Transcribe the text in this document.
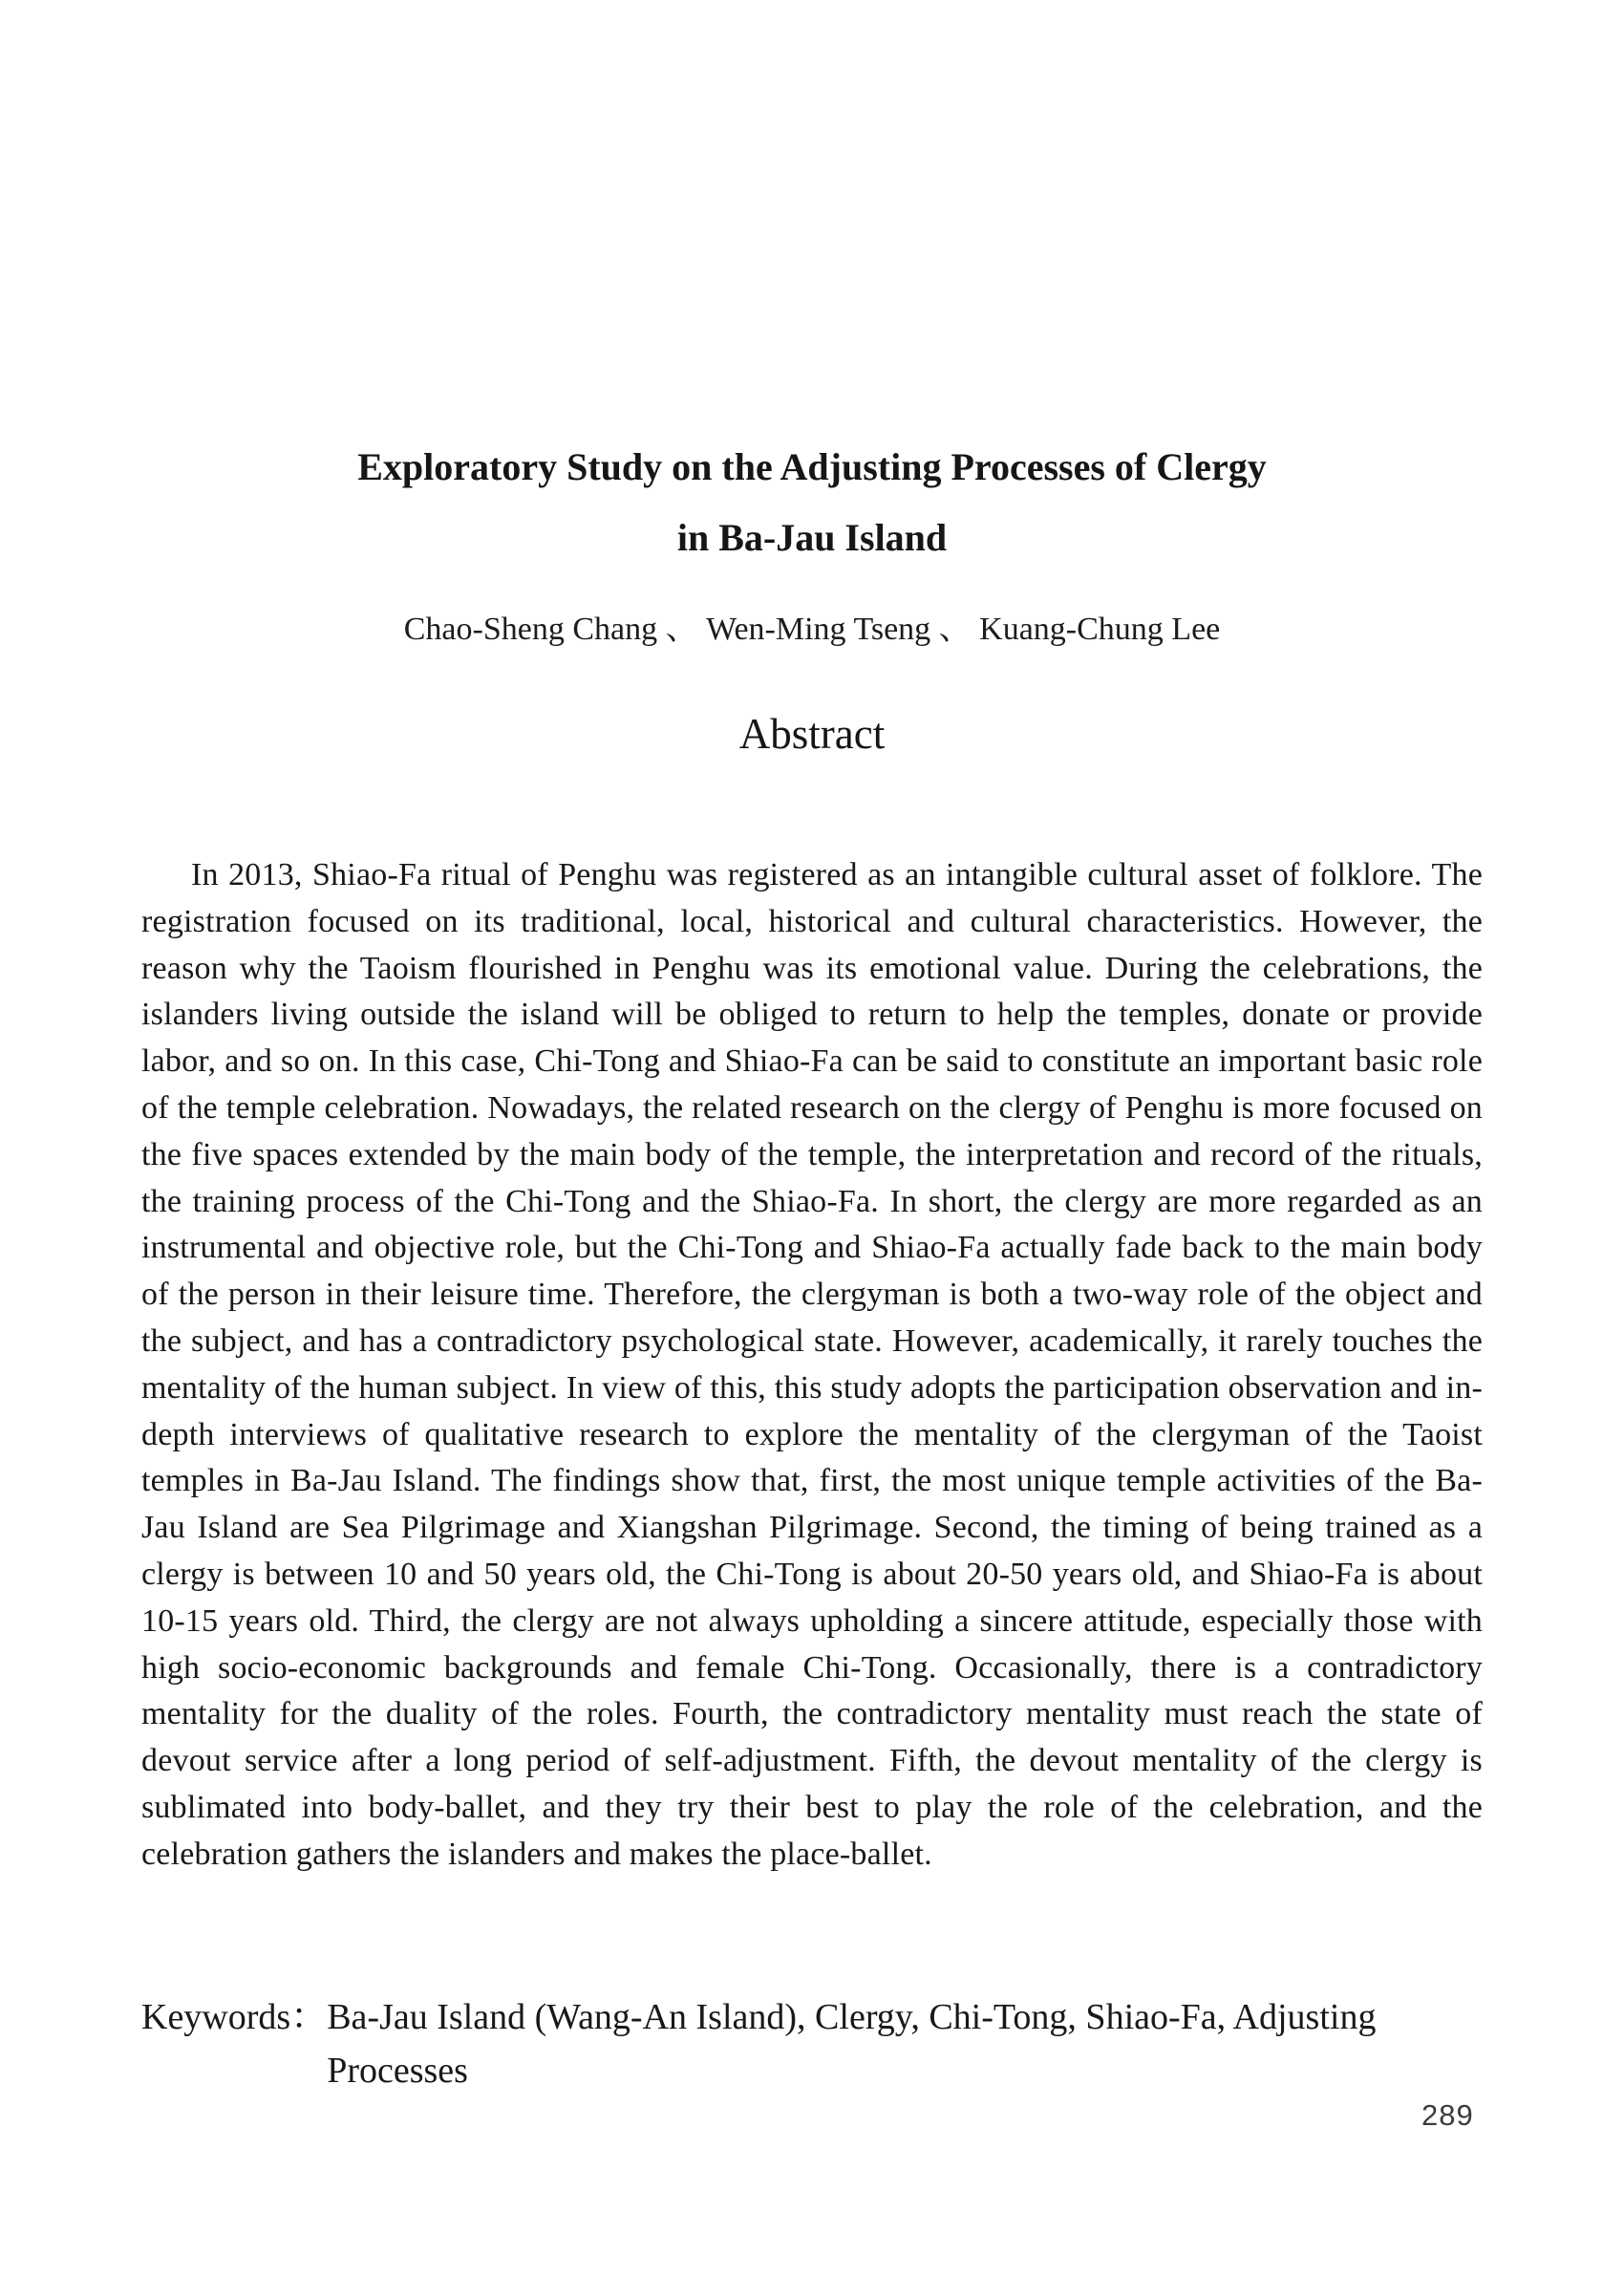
Exploratory Study on the Adjusting Processes of Clergy
in Ba-Jau Island
Chao-Sheng Chang 、 Wen-Ming Tseng 、 Kuang-Chung Lee
Abstract

In 2013, Shiao-Fa ritual of Penghu was registered as an intangible cultural asset of folklore. The registration focused on its traditional, local, historical and cultural characteristics. However, the reason why the Taoism flourished in Penghu was its emotional value. During the celebrations, the islanders living outside the island will be obliged to return to help the temples, donate or provide labor, and so on. In this case, Chi-Tong and Shiao-Fa can be said to constitute an important basic role of the temple celebration. Nowadays, the related research on the clergy of Penghu is more focused on the five spaces extended by the main body of the temple, the interpretation and record of the rituals, the training process of the Chi-Tong and the Shiao-Fa. In short, the clergy are more regarded as an instrumental and objective role, but the Chi-Tong and Shiao-Fa actually fade back to the main body of the person in their leisure time. Therefore, the clergyman is both a two-way role of the object and the subject, and has a contradictory psychological state. However, academically, it rarely touches the mentality of the human subject. In view of this, this study adopts the participation observation and in-depth interviews of qualitative research to explore the mentality of the clergyman of the Taoist temples in Ba-Jau Island. The findings show that, first, the most unique temple activities of the Ba-Jau Island are Sea Pilgrimage and Xiangshan Pilgrimage. Second, the timing of being trained as a clergy is between 10 and 50 years old, the Chi-Tong is about 20-50 years old, and Shiao-Fa is about 10-15 years old. Third, the clergy are not always upholding a sincere attitude, especially those with high socio-economic backgrounds and female Chi-Tong. Occasionally, there is a contradictory mentality for the duality of the roles. Fourth, the contradictory mentality must reach the state of devout service after a long period of self-adjustment. Fifth, the devout mentality of the clergy is sublimated into body-ballet, and they try their best to play the role of the celebration, and the celebration gathers the islanders and makes the place-ballet.

Keywords： Ba-Jau Island (Wang-An Island), Clergy, Chi-Tong, Shiao-Fa, Adjusting Processes
289
